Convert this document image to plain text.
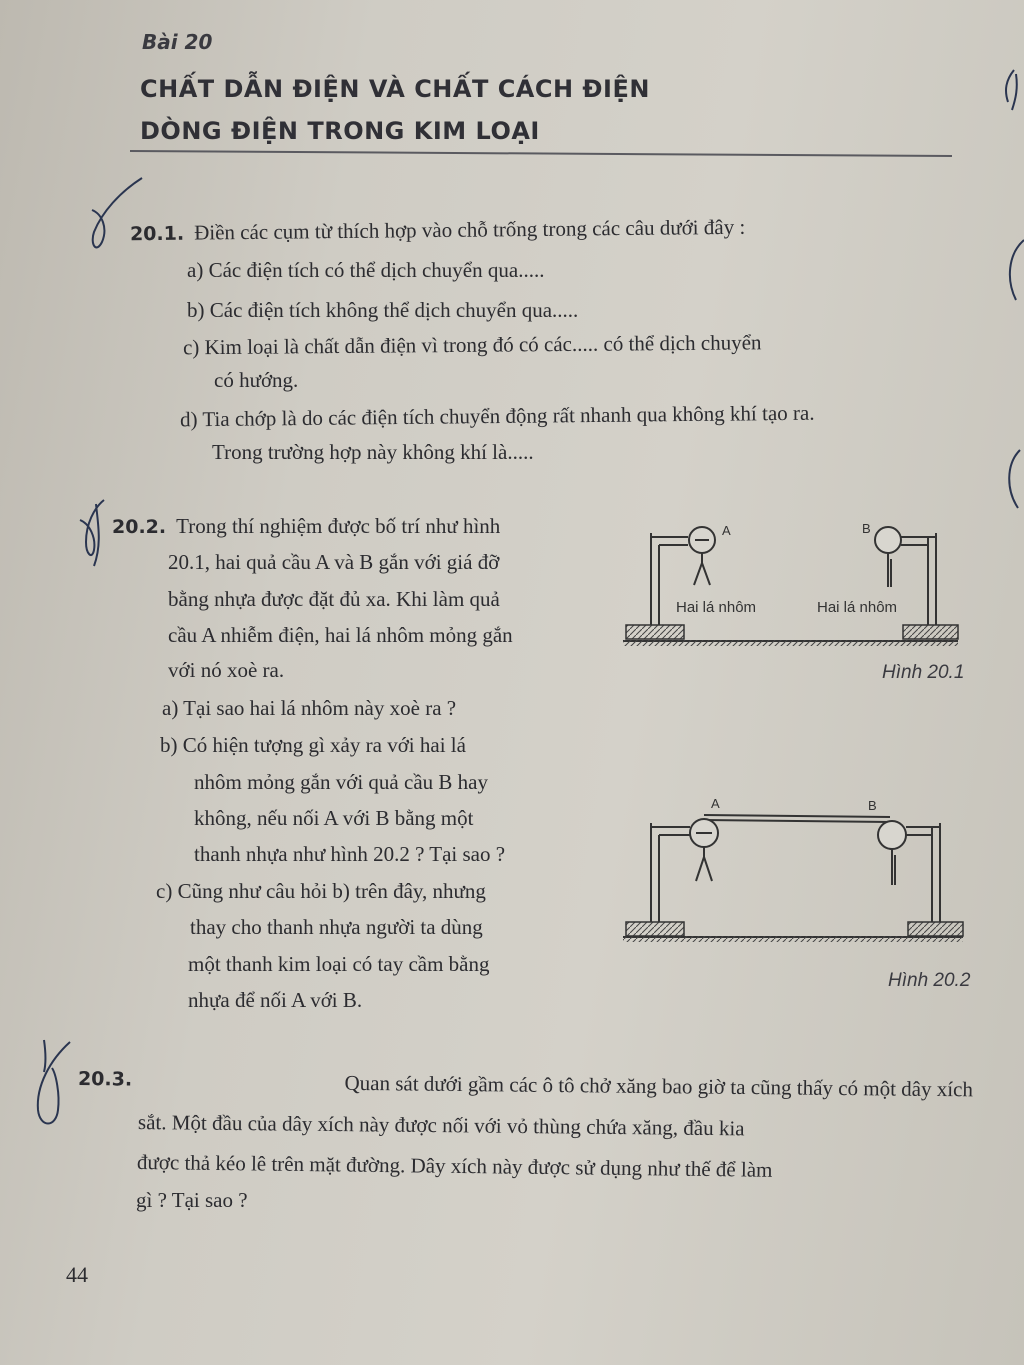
Bài 20
CHẤT DẪN ĐIỆN VÀ CHẤT CÁCH ĐIỆN
DÒNG ĐIỆN TRONG KIM LOẠI
20.1. Điền các cụm từ thích hợp vào chỗ trống trong các câu dưới đây :
a) Các điện tích có thể dịch chuyển qua.....
b) Các điện tích không thể dịch chuyển qua.....
c) Kim loại là chất dẫn điện vì trong đó có các..... có thể dịch chuyển
có hướng.
d) Tia chớp là do các điện tích chuyển động rất nhanh qua không khí tạo ra.
Trong trường hợp này không khí là.....
20.2. Trong thí nghiệm được bố trí như hình
20.1, hai quả cầu A và B gắn với giá đỡ
bằng nhựa được đặt đủ xa. Khi làm quả
cầu A nhiễm điện, hai lá nhôm mỏng gắn
với nó xoè ra.
a) Tại sao hai lá nhôm này xoè ra ?
b) Có hiện tượng gì xảy ra với hai lá
nhôm mỏng gắn với quả cầu B hay
không, nếu nối A với B bằng một
thanh nhựa như hình 20.2 ? Tại sao ?
c) Cũng như câu hỏi b) trên đây, nhưng
thay cho thanh nhựa người ta dùng
một thanh kim loại có tay cầm bằng
nhựa để nối A với B.
A	B
Hai lá nhôm	Hai lá nhôm
Hình 20.1
A	B
Hình 20.2
20.3.	Quan sát dưới gầm các ô tô chở xăng bao giờ ta cũng thấy có một dây xích
sắt. Một đầu của dây xích này được nối với vỏ thùng chứa xăng, đầu kia
được thả kéo lê trên mặt đường. Dây xích này được sử dụng như thế để làm
gì ? Tại sao ?
44
